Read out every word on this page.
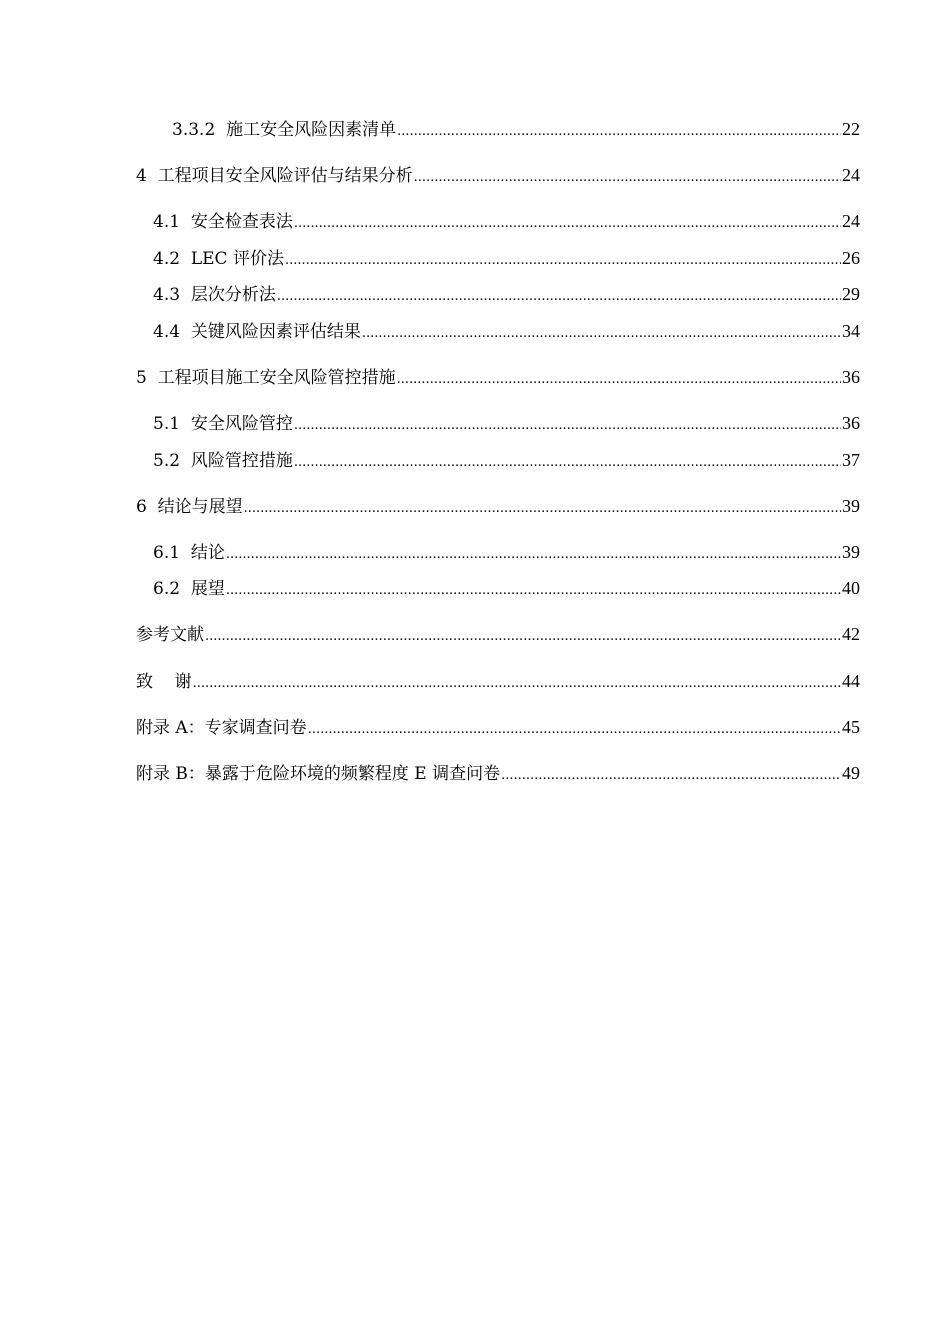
3.3.2  施工安全风险因素清单 .....	22
4  工程项目安全风险评估与结果分析 .....	24
4.1  安全检查表法 .....	24
4.2  LEC 评价法 .....	26
4.3  层次分析法 .....	29
4.4  关键风险因素评估结果 .....	34
5  工程项目施工安全风险管控措施 .....	36
5.1  安全风险管控 .....	36
5.2  风险管控措施 .....	37
6  结论与展望 .....	39
6.1  结论 .....	39
6.2  展望 .....	40
参考文献 .....	42
致    谢 .....	44
附录 A：专家调查问卷 .....	45
附录 B：暴露于危险环境的频繁程度 E 调查问卷 .....	49
